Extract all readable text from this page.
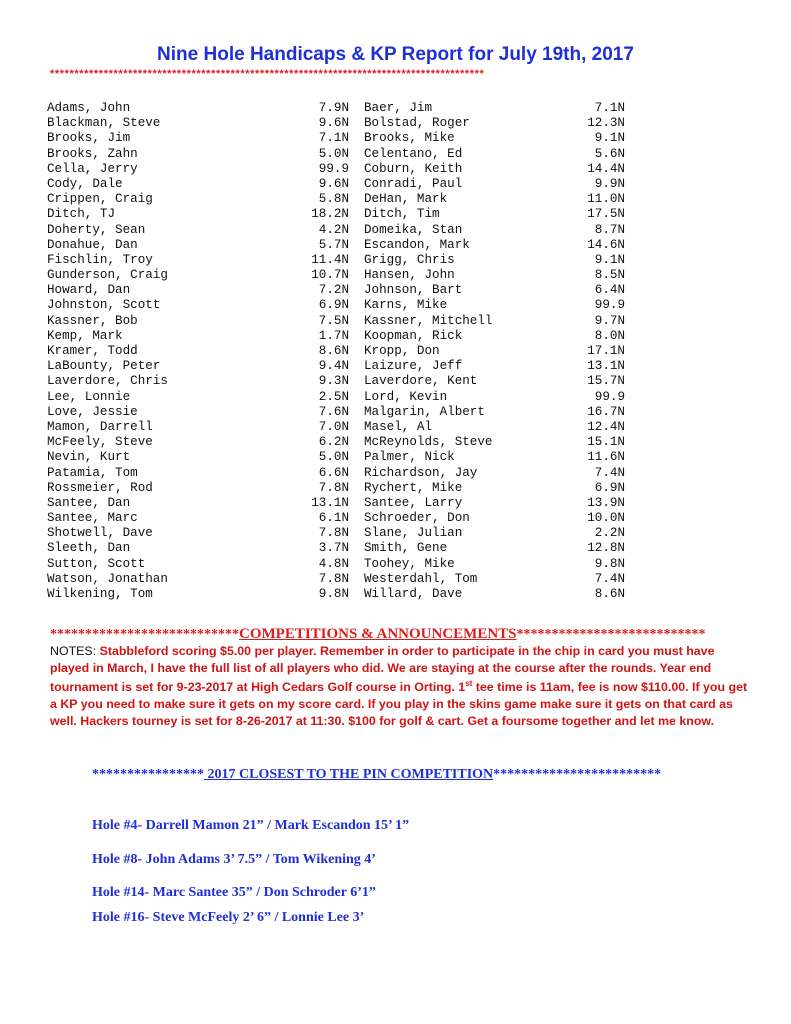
Nine Hole Handicaps & KP Report for July 19th, 2017
*****************************************************************************************
Adams, John	7.9N Baer, Jim	7.1N
Blackman, Steve	9.6N Bolstad, Roger	12.3N
Brooks, Jim	7.1N Brooks, Mike	9.1N
Brooks, Zahn	5.0N Celentano, Ed	5.6N
Cella, Jerry	99.9 Coburn, Keith	14.4N
Cody, Dale	9.6N Conradi, Paul	9.9N
Crippen, Craig	5.8N DeHan, Mark	11.0N
Ditch, TJ	18.2N Ditch, Tim	17.5N
Doherty, Sean	4.2N Domeika, Stan	8.7N
Donahue, Dan	5.7N Escandon, Mark	14.6N
Fischlin, Troy	11.4N Grigg, Chris	9.1N
Gunderson, Craig	10.7N Hansen, John	8.5N
Howard, Dan	7.2N Johnson, Bart	6.4N
Johnston, Scott	6.9N Karns, Mike	99.9
Kassner, Bob	7.5N Kassner, Mitchell	9.7N
Kemp, Mark	1.7N Koopman, Rick	8.0N
Kramer, Todd	8.6N Kropp, Don	17.1N
LaBounty, Peter	9.4N Laizure, Jeff	13.1N
Laverdore, Chris	9.3N Laverdore, Kent	15.7N
Lee, Lonnie	2.5N Lord, Kevin	99.9
Love, Jessie	7.6N Malgarin, Albert	16.7N
Mamon, Darrell	7.0N Masel, Al	12.4N
McFeely, Steve	6.2N McReynolds, Steve	15.1N
Nevin, Kurt	5.0N Palmer, Nick	11.6N
Patamia, Tom	6.6N Richardson, Jay	7.4N
Rossmeier, Rod	7.8N Rychert, Mike	6.9N
Santee, Dan	13.1N Santee, Larry	13.9N
Santee, Marc	6.1N Schroeder, Don	10.0N
Shotwell, Dave	7.8N Slane, Julian	2.2N
Sleeth, Dan	3.7N Smith, Gene	12.8N
Sutton, Scott	4.8N Toohey, Mike	9.8N
Watson, Jonathan	7.8N Westerdahl, Tom	7.4N
Wilkening, Tom	9.8N Willard, Dave	8.6N
***************************COMPETITIONS & ANNOUNCEMENTS***************************
NOTES: Stabbleford scoring $5.00 per player. Remember in order to participate in the chip in card you must have played in March, I have the full list of all players who did. We are staying at the course after the rounds. Year end tournament is set for 9-23-2017 at High Cedars Golf course in Orting. 1st tee time is 11am, fee is now $110.00. If you get a KP you need to make sure it gets on my score card. If you play in the skins game make sure it gets on that card as well. Hackers tourney is set for 8-26-2017 at 11:30. $100 for golf & cart. Get a foursome together and let me know.
**************** 2017 CLOSEST TO THE PIN COMPETITION************************
Hole #4- Darrell Mamon 21” / Mark Escandon 15’ 1”
Hole #8- John Adams 3’ 7.5” / Tom Wikening 4’
Hole #14- Marc Santee 35” / Don Schroder 6’1”
Hole #16- Steve McFeely 2’ 6” / Lonnie Lee 3’
